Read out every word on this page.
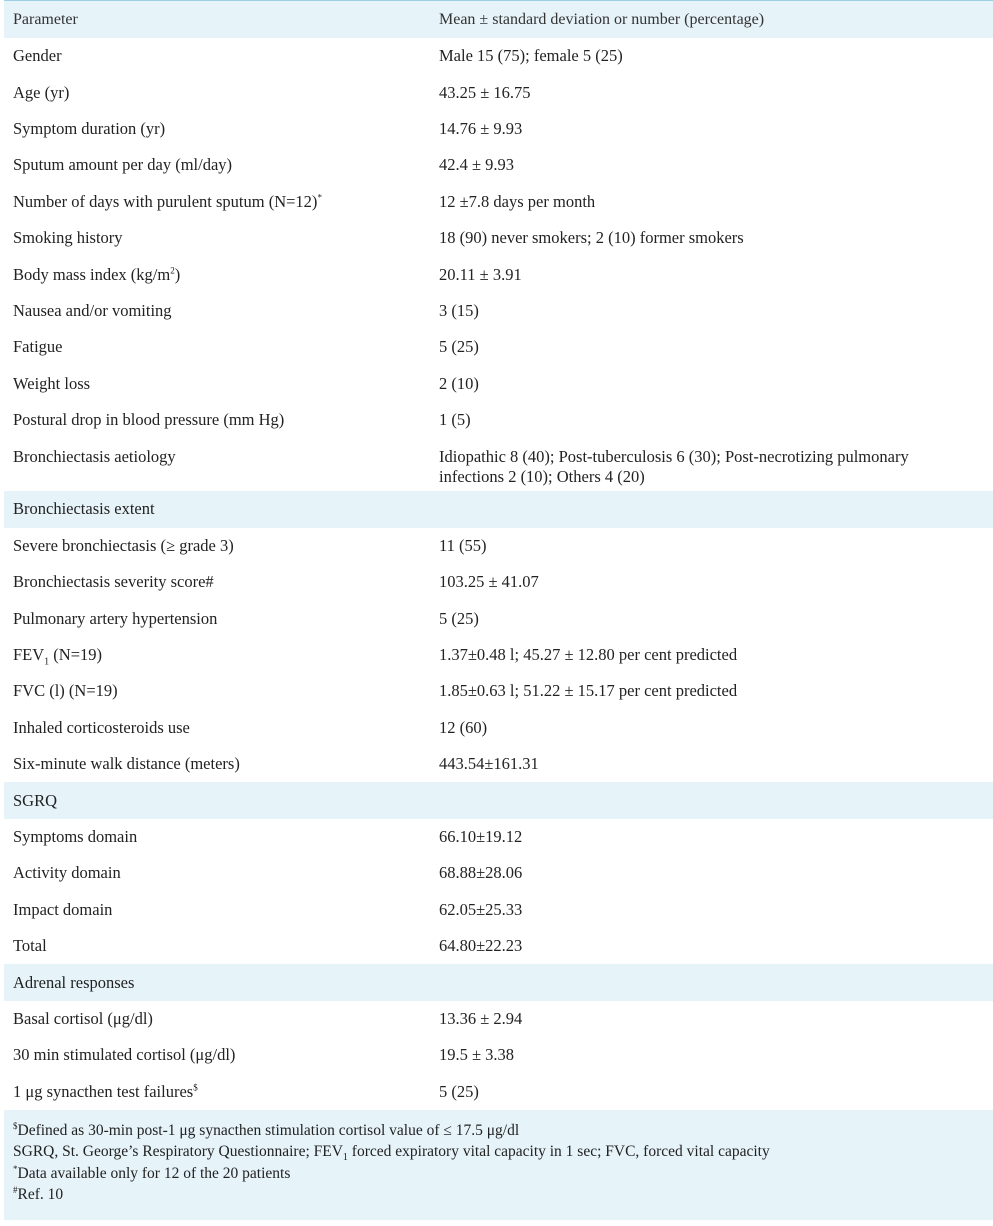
Parameter	Mean ± standard deviation or number (percentage)
Gender	Male 15 (75); female 5 (25)
Age (yr)	43.25 ± 16.75
Symptom duration (yr)	14.76 ± 9.93
Sputum amount per day (ml/day)	42.4 ± 9.93
Number of days with purulent sputum (N=12)*	12 ±7.8 days per month
Smoking history	18 (90) never smokers; 2 (10) former smokers
Body mass index $(kg/m^2)$	20.11 ± 3.91
Nausea and/or vomiting	3 (15)
Fatigue	5 (25)
Weight loss	2 (10)
Postural drop in blood pressure (mm Hg)	1 (5)
Bronchiectasis aetiology	Idiopathic 8 (40); Post-tuberculosis 6 (30); Post-necrotizing pulmonary infections 2 (10); Others 4 (20)
Bronchiectasis extent
Severe bronchiectasis (≥ grade 3)	11 (55)
Bronchiectasis severity score#	103.25 ± 41.07
Pulmonary artery hypertension	5 (25)
$FEV_1$ (N=19)	1.37±0.48 l; 45.27 ± 12.80 per cent predicted
FVC (l) (N=19)	1.85±0.63 l; 51.22 ± 15.17 per cent predicted
Inhaled corticosteroids use	12 (60)
Six-minute walk distance (meters)	443.54±161.31
SGRQ
Symptoms domain	66.10±19.12
Activity domain	68.88±28.06
Impact domain	62.05±25.33
Total	64.80±22.23
Adrenal responses
Basal cortisol (μg/dl)	13.36 ± 2.94
30 min stimulated cortisol (μg/dl)	19.5 ± 3.38
1 μg synacthen test failures$	5 (25)
$Defined as 30-min post-1 μg synacthen stimulation cortisol value of ≤ 17.5 μg/dl
SGRQ, St. George’s Respiratory Questionnaire; $FEV_1$ forced expiratory vital capacity in 1 sec; FVC, forced vital capacity
*Data available only for 12 of the 20 patients
#Ref. 10
